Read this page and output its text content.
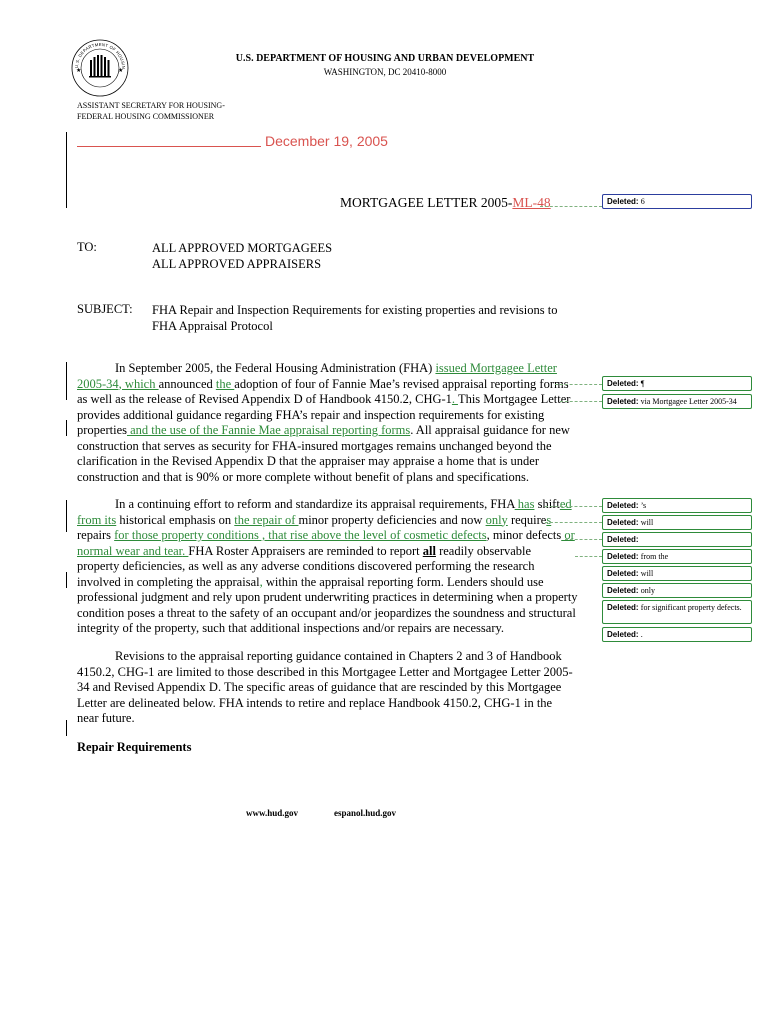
★	★
U.S. DEPARTMENT OF HOUSIN
U.S. DEPARTMENT OF HOUSING AND URBAN DEVELOPMENT
WASHINGTON, DC 20410-8000
ASSISTANT SECRETARY FOR HOUSING-
FEDERAL HOUSING COMMISSIONER
December 19, 2005
MORTGAGEE LETTER 2005-ML-48
TO:	ALL APPROVED MORTGAGEES
ALL APPROVED APPRAISERS
SUBJECT: FHA Repair and Inspection Requirements for existing properties and revisions to
FHA Appraisal Protocol
In September 2005, the Federal Housing Administration (FHA) issued Mortgagee Letter
2005-34, which announced the adoption of four of Fannie Mae’s revised appraisal reporting forms
as well as the release of Revised Appendix D of Handbook 4150.2, CHG-1. This Mortgagee Letter
provides additional guidance regarding FHA’s repair and inspection requirements for existing
properties and the use of the Fannie Mae appraisal reporting forms. All appraisal guidance for new
construction that serves as security for FHA-insured mortgages remains unchanged beyond the
clarification in the Revised Appendix D that the appraiser may appraise a home that is under
construction and that is 90% or more complete without benefit of plans and specifications.
In a continuing effort to reform and standardize its appraisal requirements, FHA has shifted
from its historical emphasis on the repair of minor property deficiencies and now only requires
repairs for those property conditions , that rise above the level of cosmetic defects, minor defects or
normal wear and tear. FHA Roster Appraisers are reminded to report all readily observable
property deficiencies, as well as any adverse conditions discovered performing the research
involved in completing the appraisal, within the appraisal reporting form. Lenders should use
professional judgment and rely upon prudent underwriting practices in determining when a property
condition poses a threat to the safety of an occupant and/or jeopardizes the soundness and structural
integrity of the property, such that additional inspections and/or repairs are necessary.
Revisions to the appraisal reporting guidance contained in Chapters 2 and 3 of Handbook
4150.2, CHG-1 are limited to those described in this Mortgagee Letter and Mortgagee Letter 2005-
34 and Revised Appendix D. The specific areas of guidance that are rescinded by this Mortgagee
Letter are delineated below. FHA intends to retire and replace Handbook 4150.2, CHG-1 in the
near future.
Repair Requirements
Deleted: 6
Deleted: ¶
Deleted: via Mortgagee Letter 2005-34
Deleted: ’s
Deleted: will
Deleted:
Deleted: from the
Deleted: will
Deleted: only
Deleted: for significant property defects.
Deleted: .
www.hud.gov	espanol.hud.gov
